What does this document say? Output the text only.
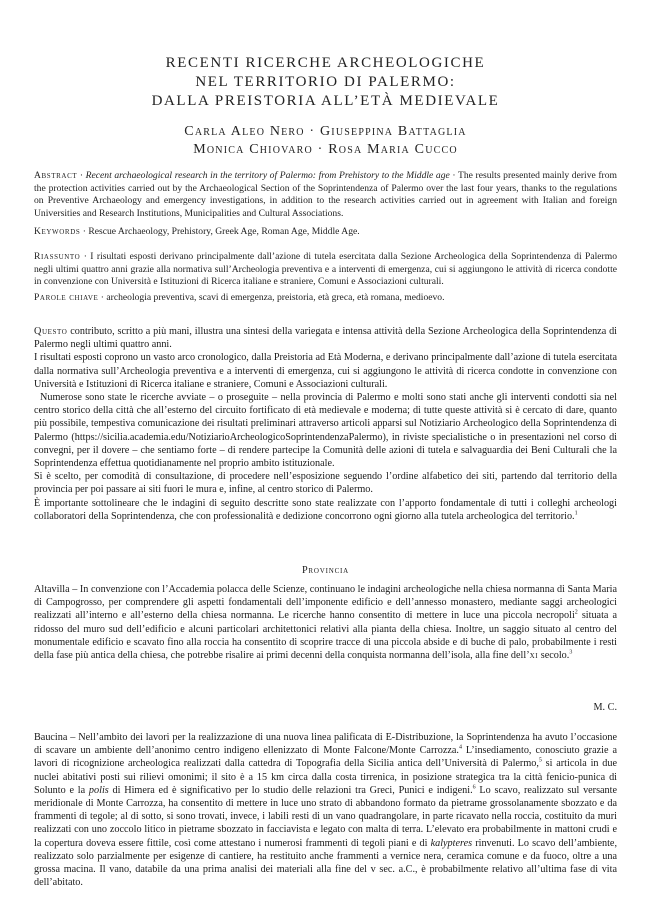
RECENTI RICERCHE ARCHEOLOGICHE
NEL TERRITORIO DI PALERMO:
DALLA PREISTORIA ALL’ETÀ MEDIEVALE
Carla Aleo Nero · Giuseppina Battaglia
Monica Chiovaro · Rosa Maria Cucco
Abstract · Recent archaeological research in the territory of Palermo: from Prehistory to the Middle age · The results presented mainly derive from the protection activities carried out by the Archaeological Section of the Soprintendenza of Palermo over the last four years, thanks to the regulations on Preventive Archaeology and emergency investigations, in addition to the research activities carried out in agreement with Italian and foreign Universities and Research Institutions, Municipalities and Cultural Associations.
Keywords · Rescue Archaeology, Prehistory, Greek Age, Roman Age, Middle Age.
Riassunto · I risultati esposti derivano principalmente dall’azione di tutela esercitata dalla Sezione Archeologica della Soprintendenza di Palermo negli ultimi quattro anni grazie alla normativa sull’Archeologia preventiva e a interventi di emergenza, cui si aggiungono le attività di ricerca condotte in convenzione con Università e Istituzioni di Ricerca italiane e straniere, Comuni e Associazioni culturali.
Parole chiave · archeologia preventiva, scavi di emergenza, preistoria, età greca, età romana, medioevo.

Questo contributo, scritto a più mani, illustra una sintesi della variegata e intensa attività della Sezione Archeologica della Soprintendenza di Palermo negli ultimi quattro anni.

I risultati esposti coprono un vasto arco cronologico, dalla Preistoria ad Età Moderna, e derivano principalmente dall’azione di tutela esercitata dalla normativa sull’Archeologia preventiva e a interventi di emergenza, cui si aggiungono le attività di ricerca condotte in convenzione con Università e Istituzioni di Ricerca italiane e straniere, Comuni e Associazioni culturali.

Numerose sono state le ricerche avviate – o proseguite – nella provincia di Palermo e molti sono stati anche gli interventi condotti sia nel centro storico della città che all’esterno del circuito fortificato di età medievale e moderna; di tutte queste attività si è cercato di dare, quanto più possibile, tempestiva comunicazione dei risultati preliminari attraverso articoli apparsi sul Notiziario Archeologico della Soprintendenza di Palermo (https://sicilia.academia.edu/NotiziarioArcheologicoSoprintendenzaPalermo), in riviste specialistiche o in presentazioni nel corso di convegni, per il dovere – che sentiamo forte – di rendere partecipe la Comunità delle azioni di tutela e salvaguardia dei Beni Culturali che la Soprintendenza effettua quotidianamente nel proprio ambito istituzionale.

Si è scelto, per comodità di consultazione, di procedere nell’esposizione seguendo l’ordine alfabetico dei siti, partendo dal territorio della provincia per poi passare ai siti fuori le mura e, infine, al centro storico di Palermo.

È importante sottolineare che le indagini di seguito descritte sono state realizzate con l’apporto fondamentale di tutti i colleghi archeologi collaboratori della Soprintendenza, che con professionalità e dedizione concorrono ogni giorno alla tutela archeologica del territorio.$^1$

Provincia

Altavilla – In convenzione con l’Accademia polacca delle Scienze, continuano le indagini archeologiche nella chiesa normanna di Santa Maria di Campogrosso, per comprendere gli aspetti fondamentali dell’imponente edificio e dell’annesso monastero, mediante saggi archeologici realizzati all’interno e all’esterno della chiesa normanna. Le ricerche hanno consentito di mettere in luce una piccola necropoli$^2$ situata a ridosso del muro sud dell’edificio e alcuni particolari architettonici relativi alla pianta della chiesa. Inoltre, un saggio situato al centro del monumentale edificio e scavato fino alla roccia ha consentito di scoprire tracce di una piccola abside e di buche di palo, probabilmente i resti della fase più antica della chiesa, che potrebbe risalire ai primi decenni della conquista normanna dell’isola, alla fine dell’xi secolo.$^3$

M. C.

Baucina – Nell’ambito dei lavori per la realizzazione di una nuova linea palificata di E-Distribuzione, la Soprintendenza ha avuto l’occasione di scavare un ambiente dell’anonimo centro indigeno ellenizzato di Monte Falcone/Monte Carrozza.$^4$ L’insediamento, conosciuto grazie a lavori di ricognizione archeologica realizzati dalla cattedra di Topografia della Sicilia antica dell’Università di Palermo,$^5$ si articola in due nuclei abitativi posti sui rilievi omonimi; il sito è a 15 km circa dalla costa tirrenica, in posizione strategica tra la città fenicio-punica di Solunto e la polis di Himera ed è significativo per lo studio delle relazioni tra Greci, Punici e indigeni.$^6$ Lo scavo, realizzato sul versante meridionale di Monte Carrozza, ha consentito di mettere in luce uno strato di abbandono formato da pietrame grossolanamente sbozzato e da frammenti di tegole; al di sotto, si sono trovati, invece, i labili resti di un vano quadrangolare, in parte ricavato nella roccia, costituito da muri realizzati con uno zoccolo litico in pietrame sbozzato in facciavista e legato con malta di terra. L’elevato era probabilmente in mattoni crudi e la copertura doveva essere fittile, così come attestano i numerosi frammenti di tegoli piani e di kalypteres rinvenuti. Lo scavo dell’ambiente, realizzato solo parzialmente per esigenze di cantiere, ha restituito anche frammenti a vernice nera, ceramica comune e da fuoco, oltre a una grossa macina. Il vano, databile da una prima analisi dei materiali alla fine del v sec. a.C., è probabilmente relativo all’ultima fase di vita dell’abitato.
